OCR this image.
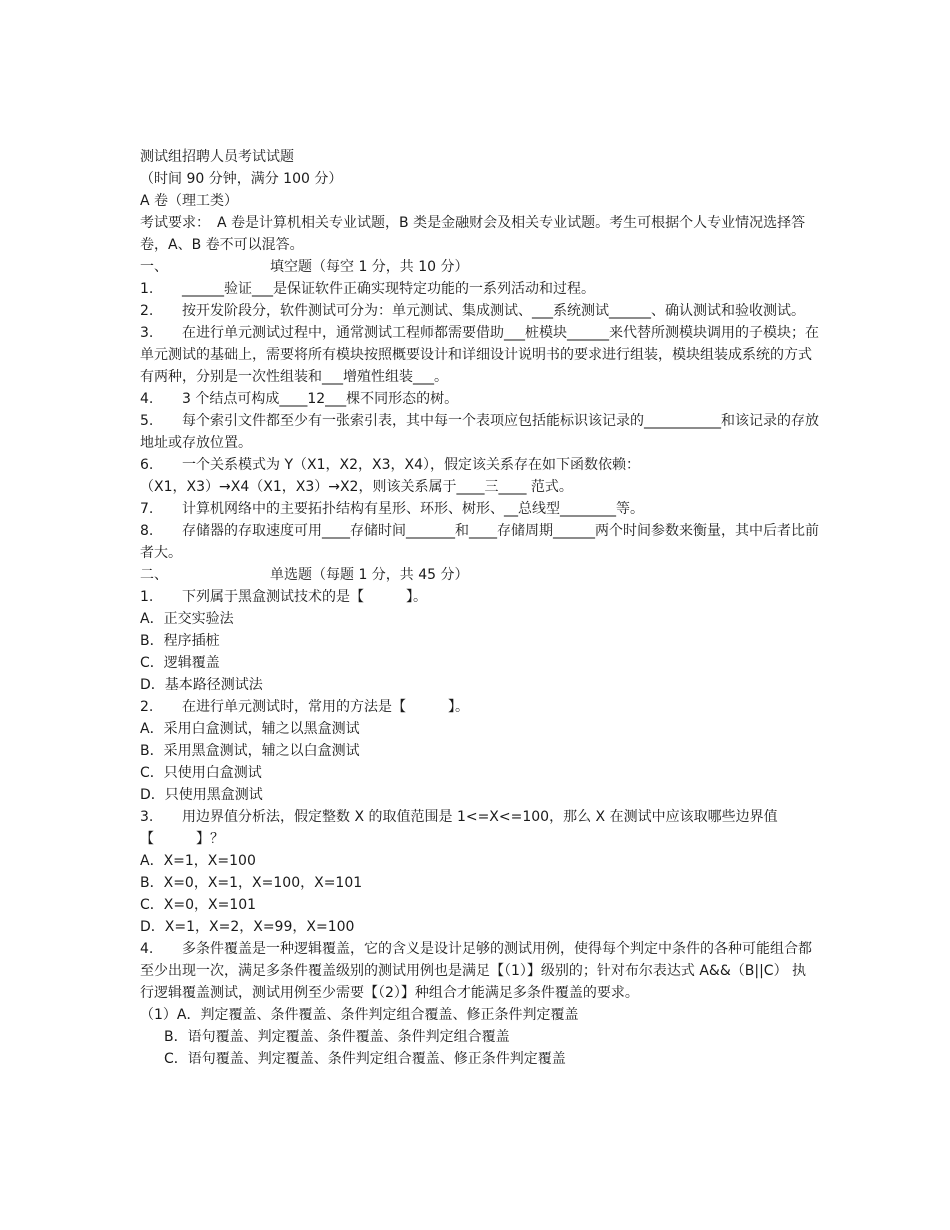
测试组招聘人员考试试题
（时间 90 分钟，满分 100 分）
A 卷（理工类）
考试要求：　A 卷是计算机相关专业试题，B 类是金融财会及相关专业试题。考生可根据个人专业情况选择答卷，A、B 卷不可以混答。
一、	填空题（每空 1 分，共 10 分）
1.	______验证___是保证软件正确实现特定功能的一系列活动和过程。
2. 按开发阶段分，软件测试可分为：单元测试、集成测试、___系统测试______、确认测试和验收测试。
3. 在进行单元测试过程中，通常测试工程师都需要借助___桩模块______来代替所测模块调用的子模块；在单元测试的基础上，需要将所有模块按照概要设计和详细设计说明书的要求进行组装，模块组装成系统的方式有两种，分别是一次性组装和___增殖性组装___。
4.	3 个结点可构成____12___棵不同形态的树。
5. 每个索引文件都至少有一张索引表，其中每一个表项应包括能标识该记录的___________和该记录的存放地址或存放位置。
6.	一个关系模式为 Y（X1，X2，X3，X4），假定该关系存在如下函数依赖：
（X1，X3）→X4（X1，X3）→X2，则该关系属于____三____ 范式。
7.	计算机网络中的主要拓扑结构有星形、环形、树形、__总线型________等。
8. 存储器的存取速度可用____存储时间_______和____存储周期______两个时间参数来衡量，其中后者比前者大。
二、	单选题（每题 1 分，共 45 分）
1.	下列属于黑盒测试技术的是【　　　】。
A．正交实验法
B．程序插桩
C．逻辑覆盖
D．基本路径测试法
2.	在进行单元测试时，常用的方法是【　　　】。
A．采用白盒测试，辅之以黑盒测试
B．采用黑盒测试，辅之以白盒测试
C．只使用白盒测试
D．只使用黑盒测试
3. 用边界值分析法，假定整数 X 的取值范围是 1<=X<=100，那么 X 在测试中应该取哪些边界值【　　　】？
A．X=1，X=100
B．X=0，X=1，X=100，X=101
C．X=0，X=101
D．X=1，X=2，X=99，X=100
4. 多条件覆盖是一种逻辑覆盖，它的含义是设计足够的测试用例，使得每个判定中条件的各种可能组合都至少出现一次，满足多条件覆盖级别的测试用例也是满足【（1）】级别的；针对布尔表达式 A&&（B||C） 执行逻辑覆盖测试，测试用例至少需要【（2）】种组合才能满足多条件覆盖的要求。
（1）A．判定覆盖、条件覆盖、条件判定组合覆盖、修正条件判定覆盖
B．语句覆盖、判定覆盖、条件覆盖、条件判定组合覆盖
C．语句覆盖、判定覆盖、条件判定组合覆盖、修正条件判定覆盖
